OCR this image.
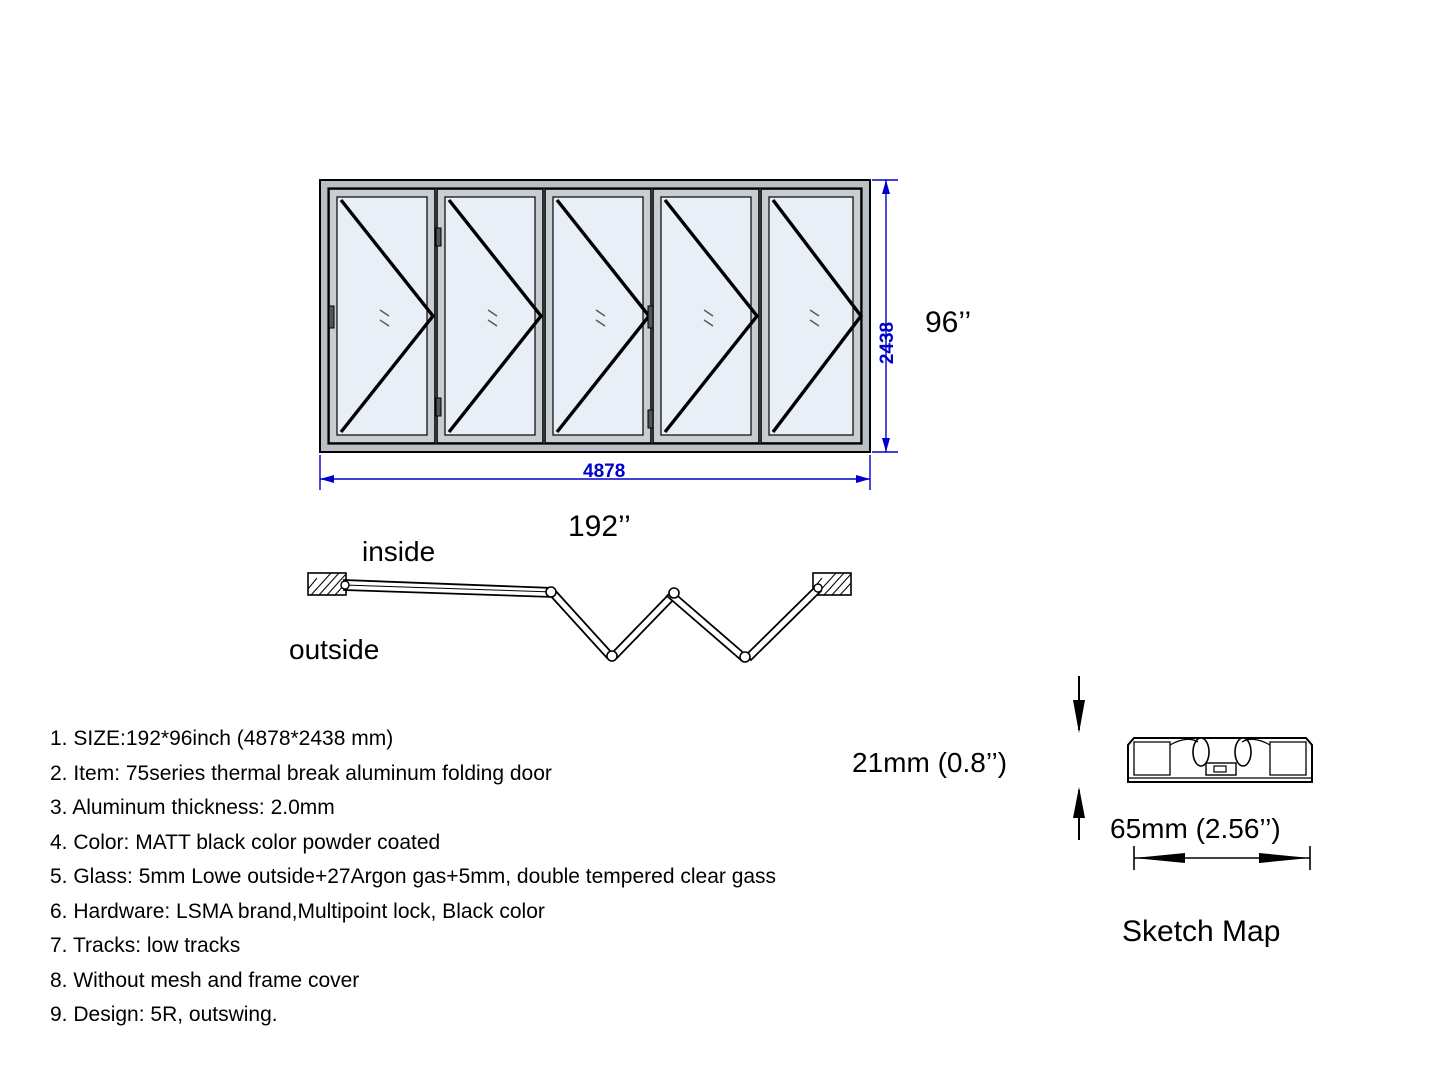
4878
2438 96’’
192’’
inside
outside
21mm (0.8’’)
65mm (2.56’’)
Sketch Map
1. SIZE:192*96inch (4878*2438 mm)
2. Item: 75series thermal break aluminum folding door
3. Aluminum thickness: 2.0mm
4. Color: MATT black color powder coated
5. Glass: 5mm Lowe outside+27Argon gas+5mm, double tempered clear gass
6. Hardware: LSMA brand,Multipoint lock, Black color
7. Tracks: low tracks
8. Without mesh and frame cover
9. Design: 5R, outswing.
